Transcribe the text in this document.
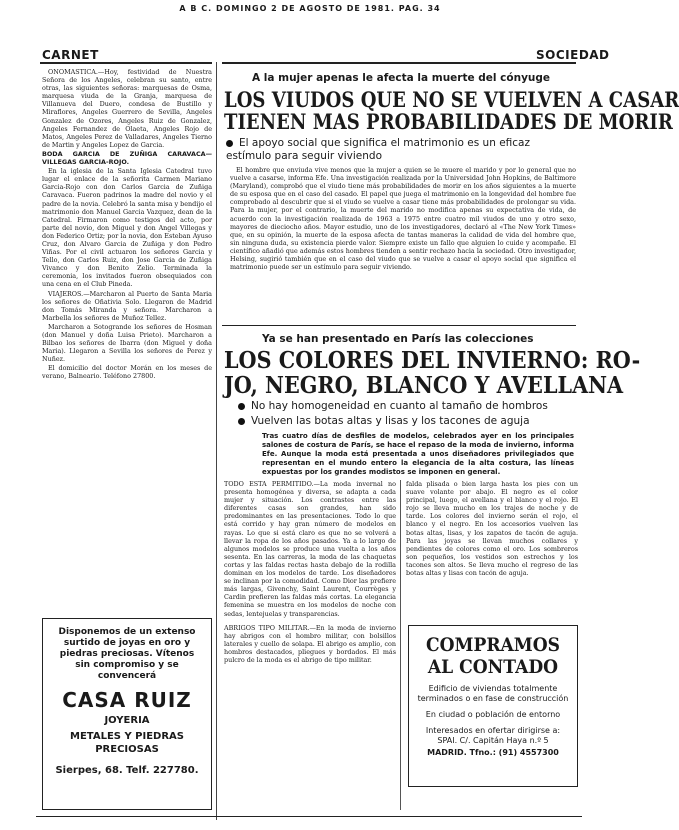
A B C. DOMINGO 2 DE AGOSTO DE 1981. PAG. 34
CARNET	SOCIEDAD

ONOMASTICA.—Hoy, festividad de Nuestra Señora de los Angeles, celebran su santo, entre otras, las siguientes señoras: marquesas de Osma, marquesa viuda de la Granja, marquesa de Villanueva del Duero, condesa de Bustillo y Miraflores, Angeles Guerrero de Sevilla, Angeles Gonzalez de Ozores, Angeles Ruiz de Gonzalez, Angeles Fernandez de Olaeta, Angeles Rojo de Matos, Angeles Perez de Valladares, Angeles Tierno de Martin y Angeles Lopez de Garcia.

BODA GARCIA DE ZUÑIGA CARAVACA—VILLEGAS GARCIA-ROJO.

En la iglesia de la Santa Iglesia Catedral tuvo lugar el enlace de la señorita Carmen Mariano Garcia-Rojo con don Carlos Garcia de Zuñiga Caravaca. Fueron padrinos la madre del novio y el padre de la novia. Celebró la santa misa y bendijo el matrimonio don Manuel Garcia Vazquez, dean de la Catedral. Firmaron como testigos del acto, por parte del novio, don Miguel y don Angel Villegas y don Federico Ortiz; por la novia, don Esteban Ayuso Cruz, don Alvaro Garcia de Zuñiga y don Pedro Viñas. Por el civil actuaron los señores Garcia y Tello, don Carlos Ruiz, don Jose Garcia de Zuñiga Vivanco y don Benito Zelio. Terminada la ceremonia, los invitados fueron obsequiados con una cena en el Club Pineda.

VIAJEROS.—Marcharon al Puerto de Santa Maria los señores de Oñativia Solo. Llegaron de Madrid don Tomás Miranda y señora. Marcharon a Marbella los señores de Muñoz Tellez.

Marcharon a Sotogrande los señores de Hosman (don Manuel y doña Luisa Prieto). Marcharon a Bilbao los señores de Ibarra (don Miguel y doña Maria). Llegaron a Sevilla los señores de Perez y Nuñez.

El domicilio del doctor Morán en los meses de verano, Balneario. Teléfono 27800.

Disponemos de un extenso surtido de joyas en oro y piedras preciosas. Vítenos sin compromiso y se convencerá
CASA RUIZ
JOYERIA
METALES Y PIEDRAS
PRECIOSAS
Sierpes, 68. Telf. 227780.
A la mujer apenas le afecta la muerte del cónyuge
LOS VIUDOS QUE NO SE VUELVEN A CASAR
TIENEN MAS PROBABILIDADES DE MORIR
El apoyo social que significa el matrimonio es un eficaz estímulo para seguir viviendo

El hombre que enviuda vive menos que la mujer a quien se le muere el marido y por lo general que no vuelve a casarse, informa Efe. Una investigación realizada por la Universidad John Hopkins, de Baltimore (Maryland), comprobó que el viudo tiene más probabilidades de morir en los años siguientes a la muerte de su esposa que en el caso del casado. El papel que juega el matrimonio en la longevidad del hombre fue comprobado al descubrir que si el viudo se vuelve a casar tiene más probabilidades de prolongar su vida. Para la mujer, por el contrario, la muerte del marido no modifica apenas su expectativa de vida, de acuerdo con la investigación realizada de 1963 a 1975 entre cuatro mil viudos de uno y otro sexo, mayores de dieciocho años. Mayor estudio, uno de los investigadores, declaró al «The New York Times» que, en su opinión, la muerte de la esposa afecta de tantas maneras la calidad de vida del hombre que, sin ninguna duda, su existencia pierde valor. Siempre existe un fallo que alguien lo cuide y acompañe. El científico añadió que además estos hombres tienden a sentir rechazo hacia la sociedad. Otro investigador, Helsing, sugirió también que en el caso del viudo que se vuelve a casar el apoyo social que significa el matrimonio puede ser un estímulo para seguir viviendo.

Ya se han presentado en París las colecciones
LOS COLORES DEL INVIERNO: RO-
JO, NEGRO, BLANCO Y AVELLANA
No hay homogeneidad en cuanto al tamaño de hombros
Vuelven las botas altas y lisas y los tacones de aguja
Tras cuatro días de desfiles de modelos, celebrados ayer en los principales salones de costura de París, se hace el repaso de la moda de invierno, informa Efe. Aunque la moda está presentada a unos diseñadores privilegiados que representan en el mundo entero la elegancia de la alta costura, las líneas expuestas por los grandes modistos se imponen en general.

TODO ESTA PERMITIDO.—La moda invernal no presenta homogénea y diversa, se adapta a cada mujer y situación. Los contrastes entre las diferentes casas son grandes, han sido predominantes en las presentaciones. Todo lo que está corrido y hay gran número de modelos en rayas. Lo que si está claro es que no se volverá a llevar la ropa de los años pasados. Ya a lo largo de algunos modelos se produce una vuelta a los años sesenta. En las carreras, la moda de las chaquetas cortas y las faldas rectas hasta debajo de la rodilla dominan en los modelos de tarde. Los diseñadores se inclinan por la comodidad. Como Dior las prefiere más largas, Givenchy, Saint Laurent, Courrèges y Cardin prefieren las faldas más cortas. La elegancia femenina se muestra en los modelos de noche con sedas, lentejuelas y transparencias.

ABRIGOS TIPO MILITAR.—En la moda de invierno hay abrigos con el hombro militar, con bolsillos laterales y cuello de solapa. El abrigo es amplio, con hombros destacados, pliegues y bordados. El más pulcro de la moda es el abrigo de tipo militar.

falda plisada o bien larga hasta los pies con un suave volante por abajo. El negro es el color principal, luego, el avellana y el blanco y el rojo. El rojo se lleva mucho en los trajes de noche y de tarde. Los colores del invierno serán el rojo, el blanco y el negro. En los accesorios vuelven las botas altas, lisas, y los zapatos de tacón de aguja. Para las joyas se llevan muchos collares y pendientes de colores como el oro. Los sombreros son pequeños, los vestidos son estrechos y los tacones son altos. Se lleva mucho el regreso de las botas altas y lisas con tacón de aguja.

COMPRAMOS
AL CONTADO
Edificio de viviendas totalmente terminados o en fase de construcción
En ciudad o población de entorno
Interesados en ofertar dirigirse a: SPAI. C/. Capitán Haya n.º 5
MADRID. Tfno.: (91) 4557300
